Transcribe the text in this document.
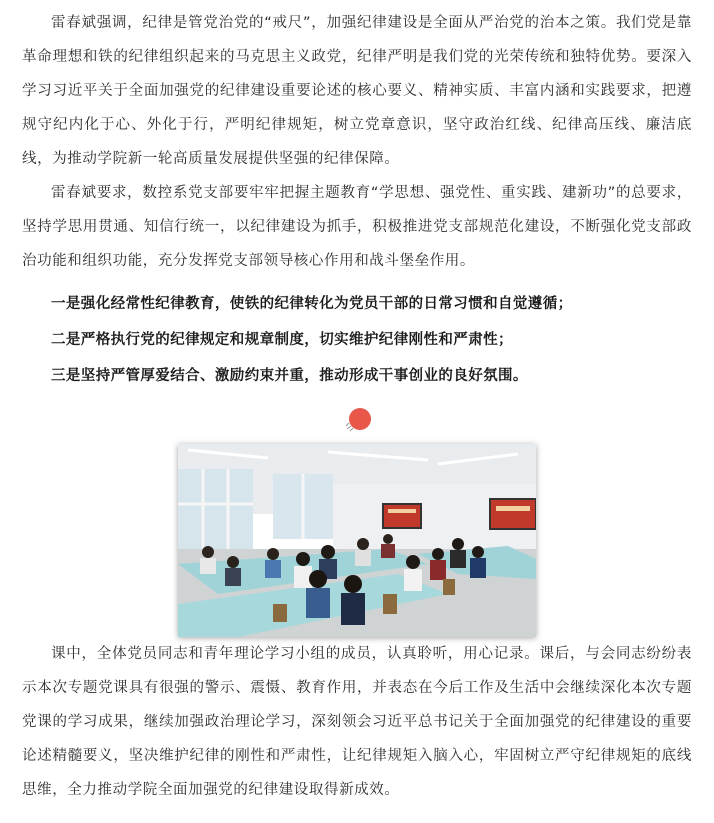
雷春斌强调，纪律是管党治党的“戒尺”，加强纪律建设是全面从严治党的治本之策。我们党是靠革命理想和铁的纪律组织起来的马克思主义政党，纪律严明是我们党的光荣传统和独特优势。要深入学习习近平关于全面加强党的纪律建设重要论述的核心要义、精神实质、丰富内涵和实践要求，把遵规守纪内化于心、外化于行，严明纪律规矩，树立党章意识，坚守政治红线、纪律高压线、廉洁底线，为推动学院新一轮高质量发展提供坚强的纪律保障。

雷春斌要求，数控系党支部要牢牢把握主题教育“学思想、强党性、重实践、建新功”的总要求，坚持学思用贯通、知信行统一，以纪律建设为抓手，积极推进党支部规范化建设，不断强化党支部政治功能和组织功能，充分发挥党支部领导核心作用和战斗堡垒作用。

一是强化经常性纪律教育，使铁的纪律转化为党员干部的日常习惯和自觉遵循；

二是严格执行党的纪律规定和规章制度，切实维护纪律刚性和严肃性；

三是坚持严管厚爱结合、激励约束并重，推动形成干事创业的良好氛围。

课中，全体党员同志和青年理论学习小组的成员，认真聆听，用心记录。课后，与会同志纷纷表示本次专题党课具有很强的警示、震慑、教育作用，并表态在今后工作及生活中会继续深化本次专题党课的学习成果，继续加强政治理论学习，深刻领会习近平总书记关于全面加强党的纪律建设的重要论述精髓要义，坚决维护纪律的刚性和严肃性，让纪律规矩入脑入心，牢固树立严守纪律规矩的底线思维，全力推动学院全面加强党的纪律建设取得新成效。
